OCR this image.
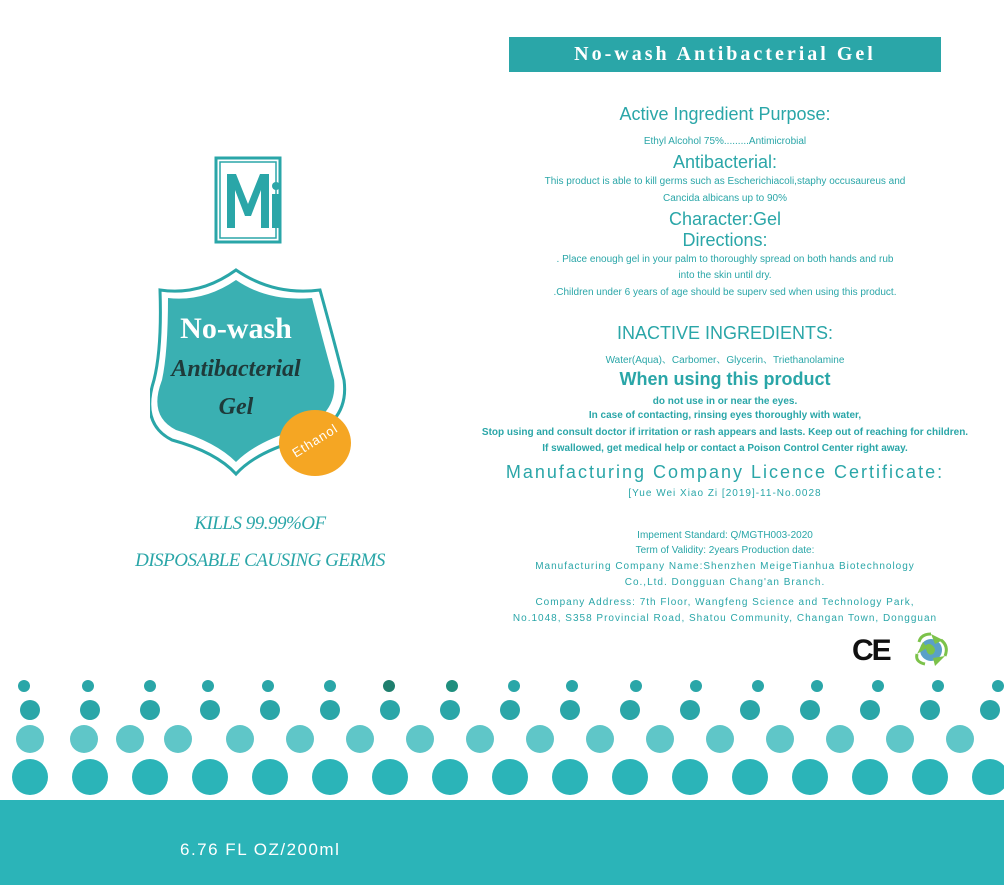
No-wash
Antibacterial
Gel
Ethanol
KILLS 99.99%OF
DISPOSABLE CAUSING GERMS
No-wash Antibacterial Gel
Active Ingredient Purpose:
Ethyl Alcohol 75%.........Antimicrobial
Antibacterial:
This product is able to kill germs such as Escherichiacoli,staphy occusaureus and
Cancida albicans up to 90%
Character:Gel
Directions:
. Place enough gel in your palm to thoroughly spread on both hands and rub
into the skin until dry.
.Children under 6 years of age should be superv sed when using this product.
INACTIVE INGREDIENTS:
Water(Aqua)、Carbomer、Glycerin、Triethanolamine
When using this product
do not use in or near the eyes.
In case of contacting, rinsing eyes thoroughly with water,
Stop using and consult doctor if irritation or rash appears and lasts. Keep out of reaching for children.
If swallowed, get medical help or contact a Poison Control Center right away.
Manufacturing Company Licence Certificate:
[Yue Wei Xiao Zi [2019]-11-No.0028
Impement Standard: Q/MGTH003-2020
Term of Validity: 2years Production date:
Manufacturing Company Name:Shenzhen MeigeTianhua Biotechnology
Co.,Ltd. Dongguan Chang'an Branch.
Company Address: 7th Floor, Wangfeng Science and Technology Park,
No.1048, S358 Provincial Road, Shatou Community, Changan Town, Dongguan
CE
6.76 FL OZ/200ml
